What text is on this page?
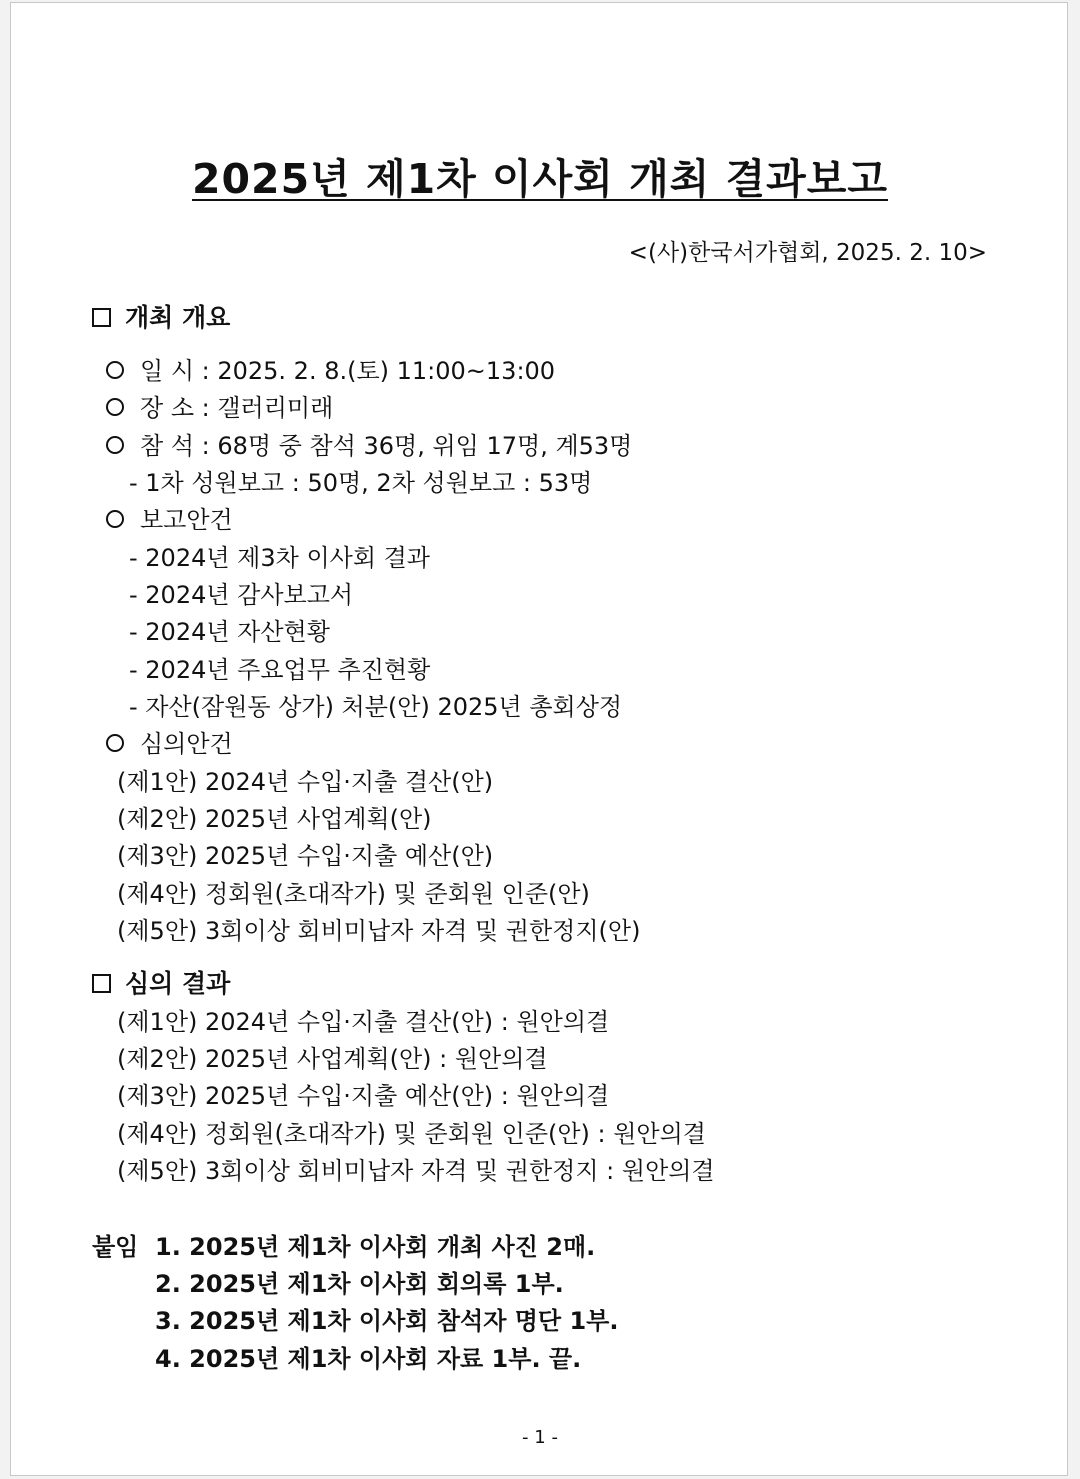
2025년 제1차 이사회 개최 결과보고
<(사)한국서가협회, 2025. 2. 10>
개최 개요
일 시 : 2025. 2. 8.(토) 11:00~13:00
장 소 : 갤러리미래
참 석 : 68명 중 참석 36명, 위임 17명, 계53명
- 1차 성원보고 : 50명, 2차 성원보고 : 53명
보고안건
- 2024년 제3차 이사회 결과
- 2024년 감사보고서
- 2024년 자산현황
- 2024년 주요업무 추진현황
- 자산(잠원동 상가) 처분(안) 2025년 총회상정
심의안건
(제1안) 2024년 수입·지출 결산(안)
(제2안) 2025년 사업계획(안)
(제3안) 2025년 수입·지출 예산(안)
(제4안) 정회원(초대작가) 및 준회원 인준(안)
(제5안) 3회이상 회비미납자 자격 및 권한정지(안)
심의 결과
(제1안) 2024년 수입·지출 결산(안) : 원안의결
(제2안) 2025년 사업계획(안) : 원안의결
(제3안) 2025년 수입·지출 예산(안) : 원안의결
(제4안) 정회원(초대작가) 및 준회원 인준(안) : 원안의결
(제5안) 3회이상 회비미납자 자격 및 권한정지 : 원안의결
붙임 1. 2025년 제1차 이사회 개최 사진 2매.
2. 2025년 제1차 이사회 회의록 1부.
3. 2025년 제1차 이사회 참석자 명단 1부.
4. 2025년 제1차 이사회 자료 1부. 끝.
- 1 -
